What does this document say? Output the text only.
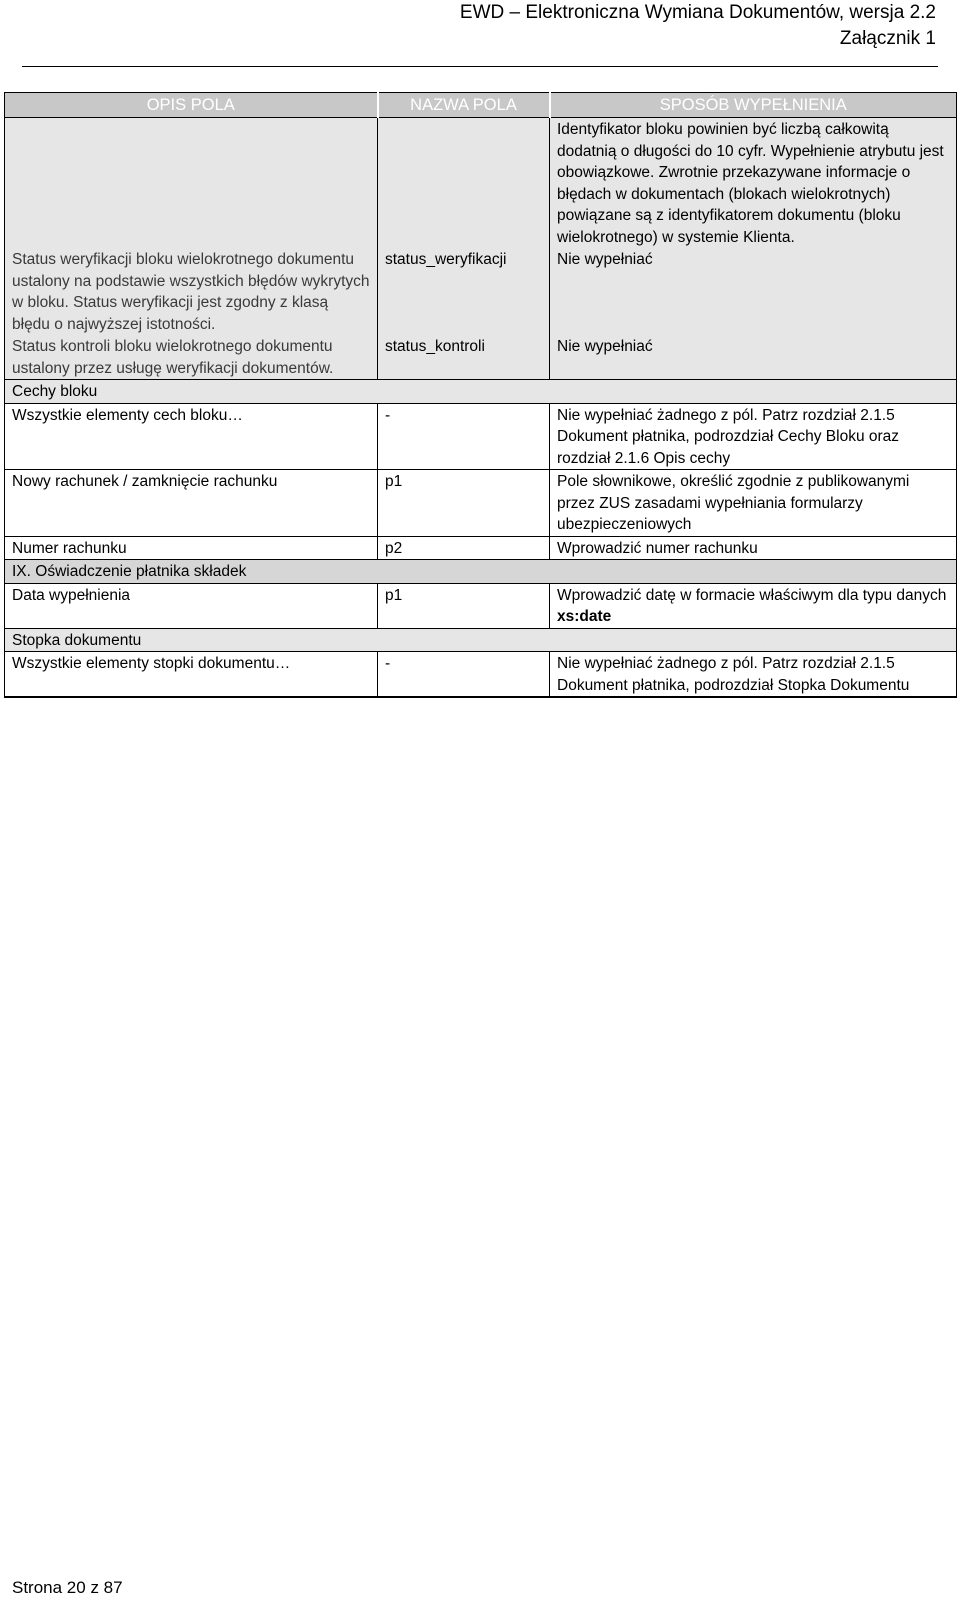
EWD – Elektroniczna Wymiana Dokumentów, wersja 2.2
Załącznik 1
OPIS POLA	NAZWA POLA	SPOSÓB WYPEŁNIENIA
		Identyfikator bloku powinien być liczbą całkowitą dodatnią o długości do 10 cyfr. Wypełnienie atrybutu jest obowiązkowe. Zwrotnie przekazywane informacje o błędach w dokumentach (blokach wielokrotnych) powiązane są z identyfikatorem dokumentu (bloku wielokrotnego) w systemie Klienta.
Status weryfikacji bloku wielokrotnego dokumentu ustalony na podstawie wszystkich błędów wykrytych w bloku. Status weryfikacji jest zgodny z klasą błędu o najwyższej istotności.	status_weryfikacji	Nie wypełniać
Status kontroli bloku wielokrotnego dokumentu ustalony przez usługę weryfikacji dokumentów.	status_kontroli	Nie wypełniać
Cechy bloku		
Wszystkie elementy cech bloku…	-	Nie wypełniać żadnego z pól. Patrz rozdział 2.1.5 Dokument płatnika, podrozdział Cechy Bloku oraz rozdział 2.1.6 Opis cechy
Nowy rachunek / zamknięcie rachunku	p1	Pole słownikowe, określić zgodnie z publikowanymi przez ZUS zasadami wypełniania formularzy ubezpieczeniowych
Numer rachunku	p2	Wprowadzić numer rachunku
IX. Oświadczenie płatnika składek		
Data wypełnienia	p1	Wprowadzić datę w formacie właściwym dla typu danych xs:date
Stopka dokumentu		
Wszystkie elementy stopki dokumentu…	-	Nie wypełniać żadnego z pól. Patrz rozdział 2.1.5 Dokument płatnika, podrozdział Stopka Dokumentu
Strona 20 z 87
